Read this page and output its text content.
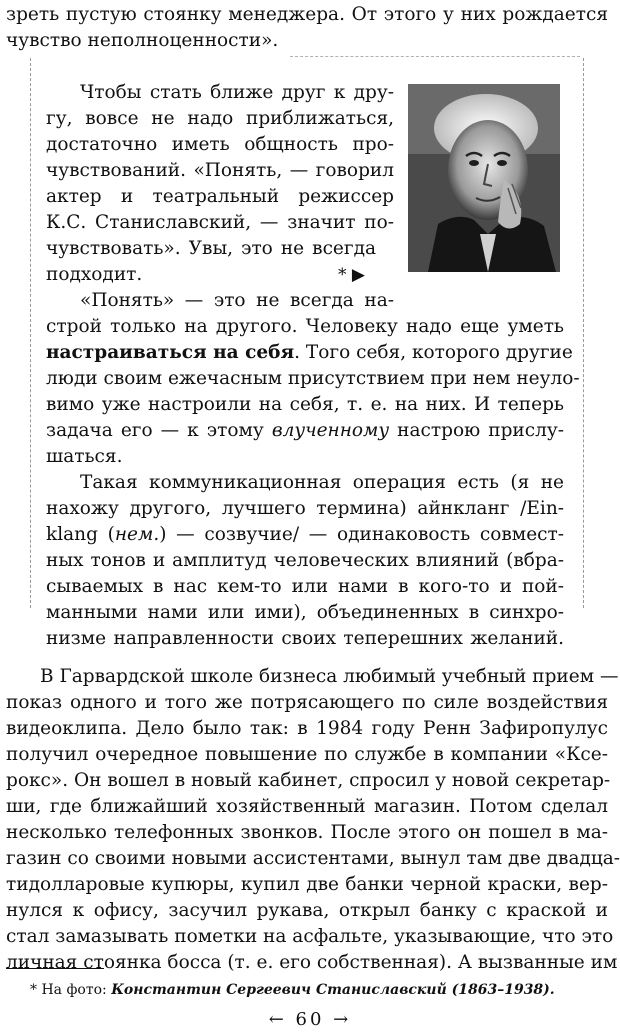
зреть пустую стоянку менеджера. От этого у них рождается
чувство неполноценности».
Чтобы стать ближе друг к дру-
гу, вовсе не надо приближаться,
достаточно иметь общность про-
чувствований. «Понять, — говорил
актер и театральный режиссер
К.С. Станиславский, — значит по-
чувствовать». Увы, это не всегда
подходит.	* ▶
«Понять» — это не всегда на-
строй только на другого. Человеку надо еще уметь
настраиваться на себя. Того себя, которого другие
люди своим ежечасным присутствием при нем неуло-
вимо уже настроили на себя, т. е. на них. И теперь
задача его — к этому влученному настрою прислу-
шаться.
Такая коммуникационная операция есть (я не
нахожу другого, лучшего термина) айнкланг /Ein-
klang (нем.) — созвучие/ — одинаковость совмест-
ных тонов и амплитуд человеческих влияний (вбра-
сываемых в нас кем-то или нами в кого-то и пой-
манными нами или ими), объединенных в синхро-
низме направленности своих теперешних желаний.
В Гарвардской школе бизнеса любимый учебный прием —
показ одного и того же потрясающего по силе воздействия
видеоклипа. Дело было так: в 1984 году Ренн Зафиропулус
получил очередное повышение по службе в компании «Ксе-
рокс». Он вошел в новый кабинет, спросил у новой секретар-
ши, где ближайший хозяйственный магазин. Потом сделал
несколько телефонных звонков. После этого он пошел в ма-
газин со своими новыми ассистентами, вынул там две двадца-
тидолларовые купюры, купил две банки черной краски, вер-
нулся к офису, засучил рукава, открыл банку с краской и
стал замазывать пометки на асфальте, указывающие, что это
* На фото: Константин Сергеевич Станиславский (1863–1938).
← 60 →
личная стоянка босса (т. е. его собственная). А вызванные им
